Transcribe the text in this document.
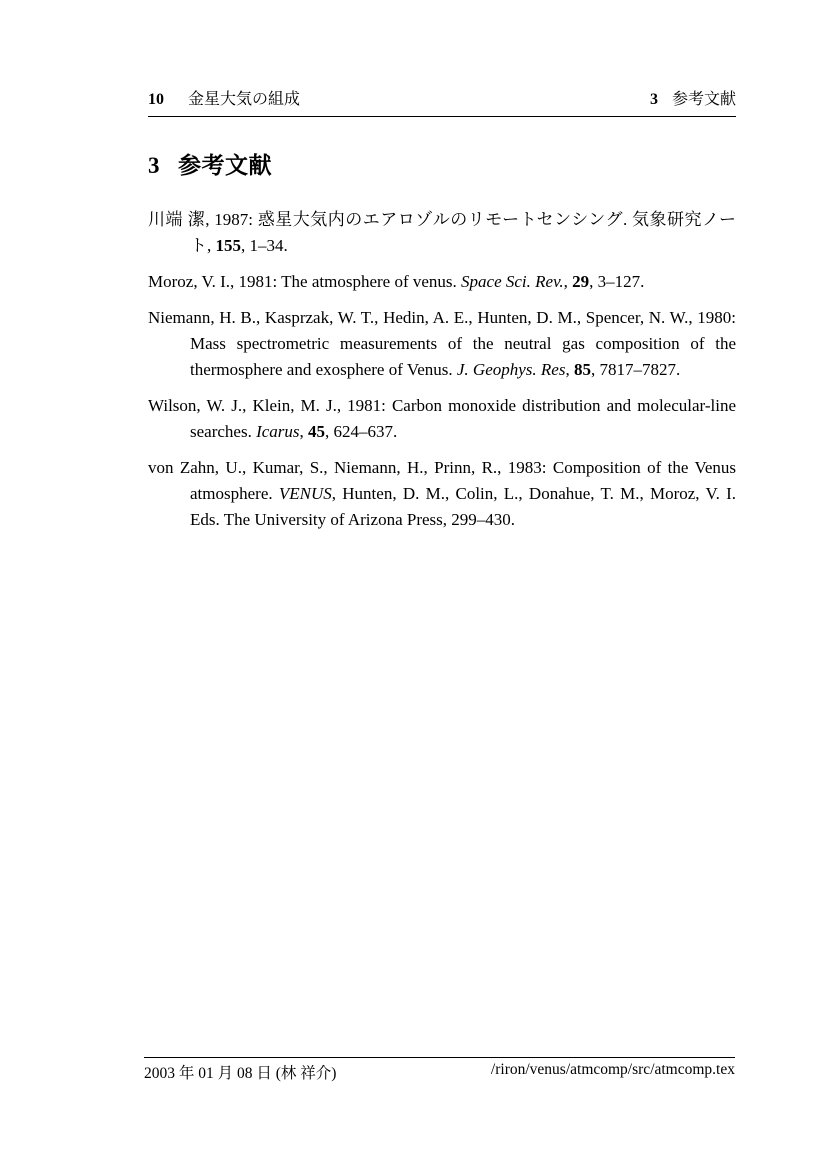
10 金星大気の組成	3 参考文献
3 参考文献

川端 潔, 1987: 惑星大気内のエアロゾルのリモートセンシング. 気象研究ノート, 155, 1–34.

Moroz, V. I., 1981: The atmosphere of venus. Space Sci. Rev., 29, 3–127.

Niemann, H. B., Kasprzak, W. T., Hedin, A. E., Hunten, D. M., Spencer, N. W., 1980: Mass spectrometric measurements of the neutral gas composition of the thermosphere and exosphere of Venus. J. Geophys. Res, 85, 7817–7827.

Wilson, W. J., Klein, M. J., 1981: Carbon monoxide distribution and molecular-line searches. Icarus, 45, 624–637.

von Zahn, U., Kumar, S., Niemann, H., Prinn, R., 1983: Composition of the Venus atmosphere. VENUS, Hunten, D. M., Colin, L., Donahue, T. M., Moroz, V. I. Eds. The University of Arizona Press, 299–430.

2003 年 01 月 08 日 (林 祥介)	/riron/venus/atmcomp/src/atmcomp.tex
